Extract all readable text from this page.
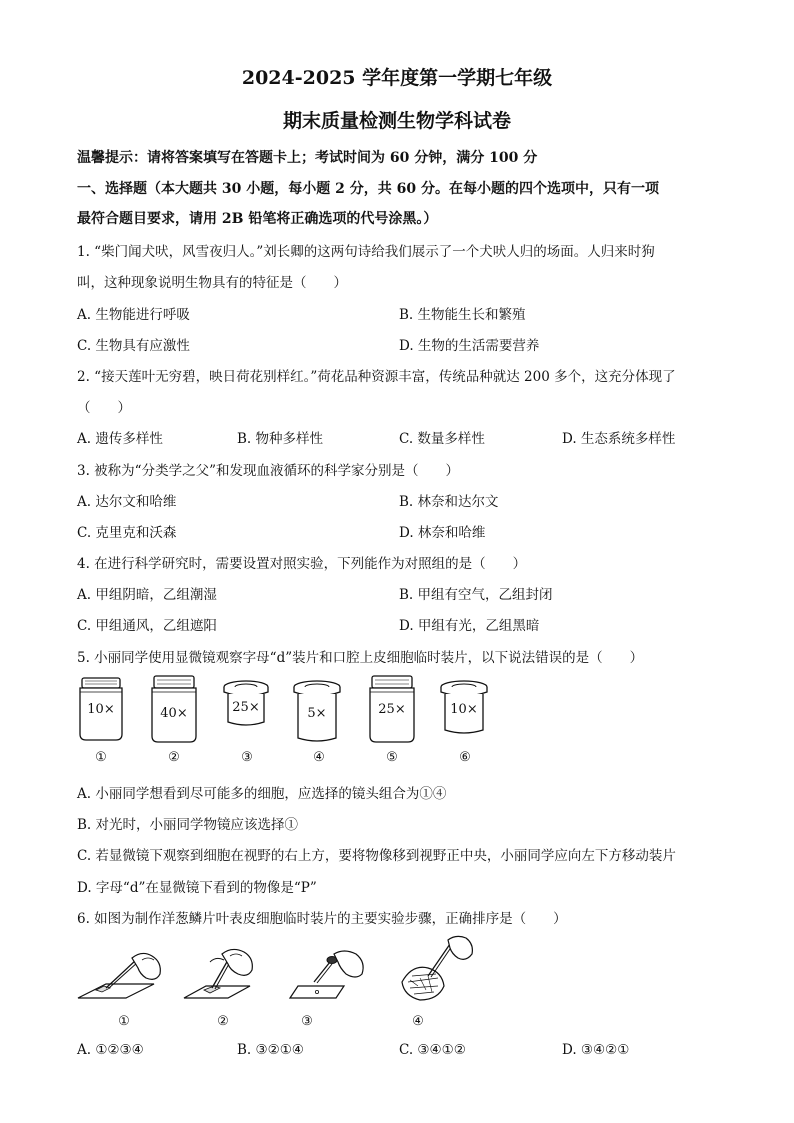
2024-2025 学年度第一学期七年级
期末质量检测生物学科试卷
温馨提示：请将答案填写在答题卡上；考试时间为 60 分钟，满分 100 分
一、选择题（本大题共 30 小题，每小题 2 分，共 60 分。在每小题的四个选项中，只有一项
最符合题目要求，请用 2B 铅笔将正确选项的代号涂黑。）
1. “柴门闻犬吠，风雪夜归人。”刘长卿的这两句诗给我们展示了一个犬吠人归的场面。人归来时狗
叫，这种现象说明生物具有的特征是（　　）
A. 生物能进行呼吸	B. 生物能生长和繁殖
C. 生物具有应激性	D. 生物的生活需要营养
2. “接天莲叶无穷碧，映日荷花别样红。”荷花品种资源丰富，传统品种就达 200 多个，这充分体现了
（　　）
A. 遗传多样性	B. 物种多样性	C. 数量多样性	D. 生态系统多样性
3. 被称为“分类学之父”和发现血液循环的科学家分别是（　　）
A. 达尔文和哈维	B. 林奈和达尔文
C. 克里克和沃森	D. 林奈和哈维
4. 在进行科学研究时，需要设置对照实验，下列能作为对照组的是（　　）
A. 甲组阴暗，乙组潮湿	B. 甲组有空气，乙组封闭
C. 甲组通风，乙组遮阳	D. 甲组有光，乙组黑暗
5. 小丽同学使用显微镜观察字母“d”装片和口腔上皮细胞临时装片，以下说法错误的是（　　）
10×
①
40×
②
25×
③
5×
④
25×
⑤
10×
⑥
A. 小丽同学想看到尽可能多的细胞，应选择的镜头组合为①④
B. 对光时，小丽同学物镜应该选择①
C. 若显微镜下观察到细胞在视野的右上方，要将物像移到视野正中央，小丽同学应向左下方移动装片
D. 字母“d”在显微镜下看到的物像是“P”
6. 如图为制作洋葱鳞片叶表皮细胞临时装片的主要实验步骤，正确排序是（　　）
①	②	③	④
A. ①②③④	B. ③②①④	C. ③④①②	D. ③④②①
